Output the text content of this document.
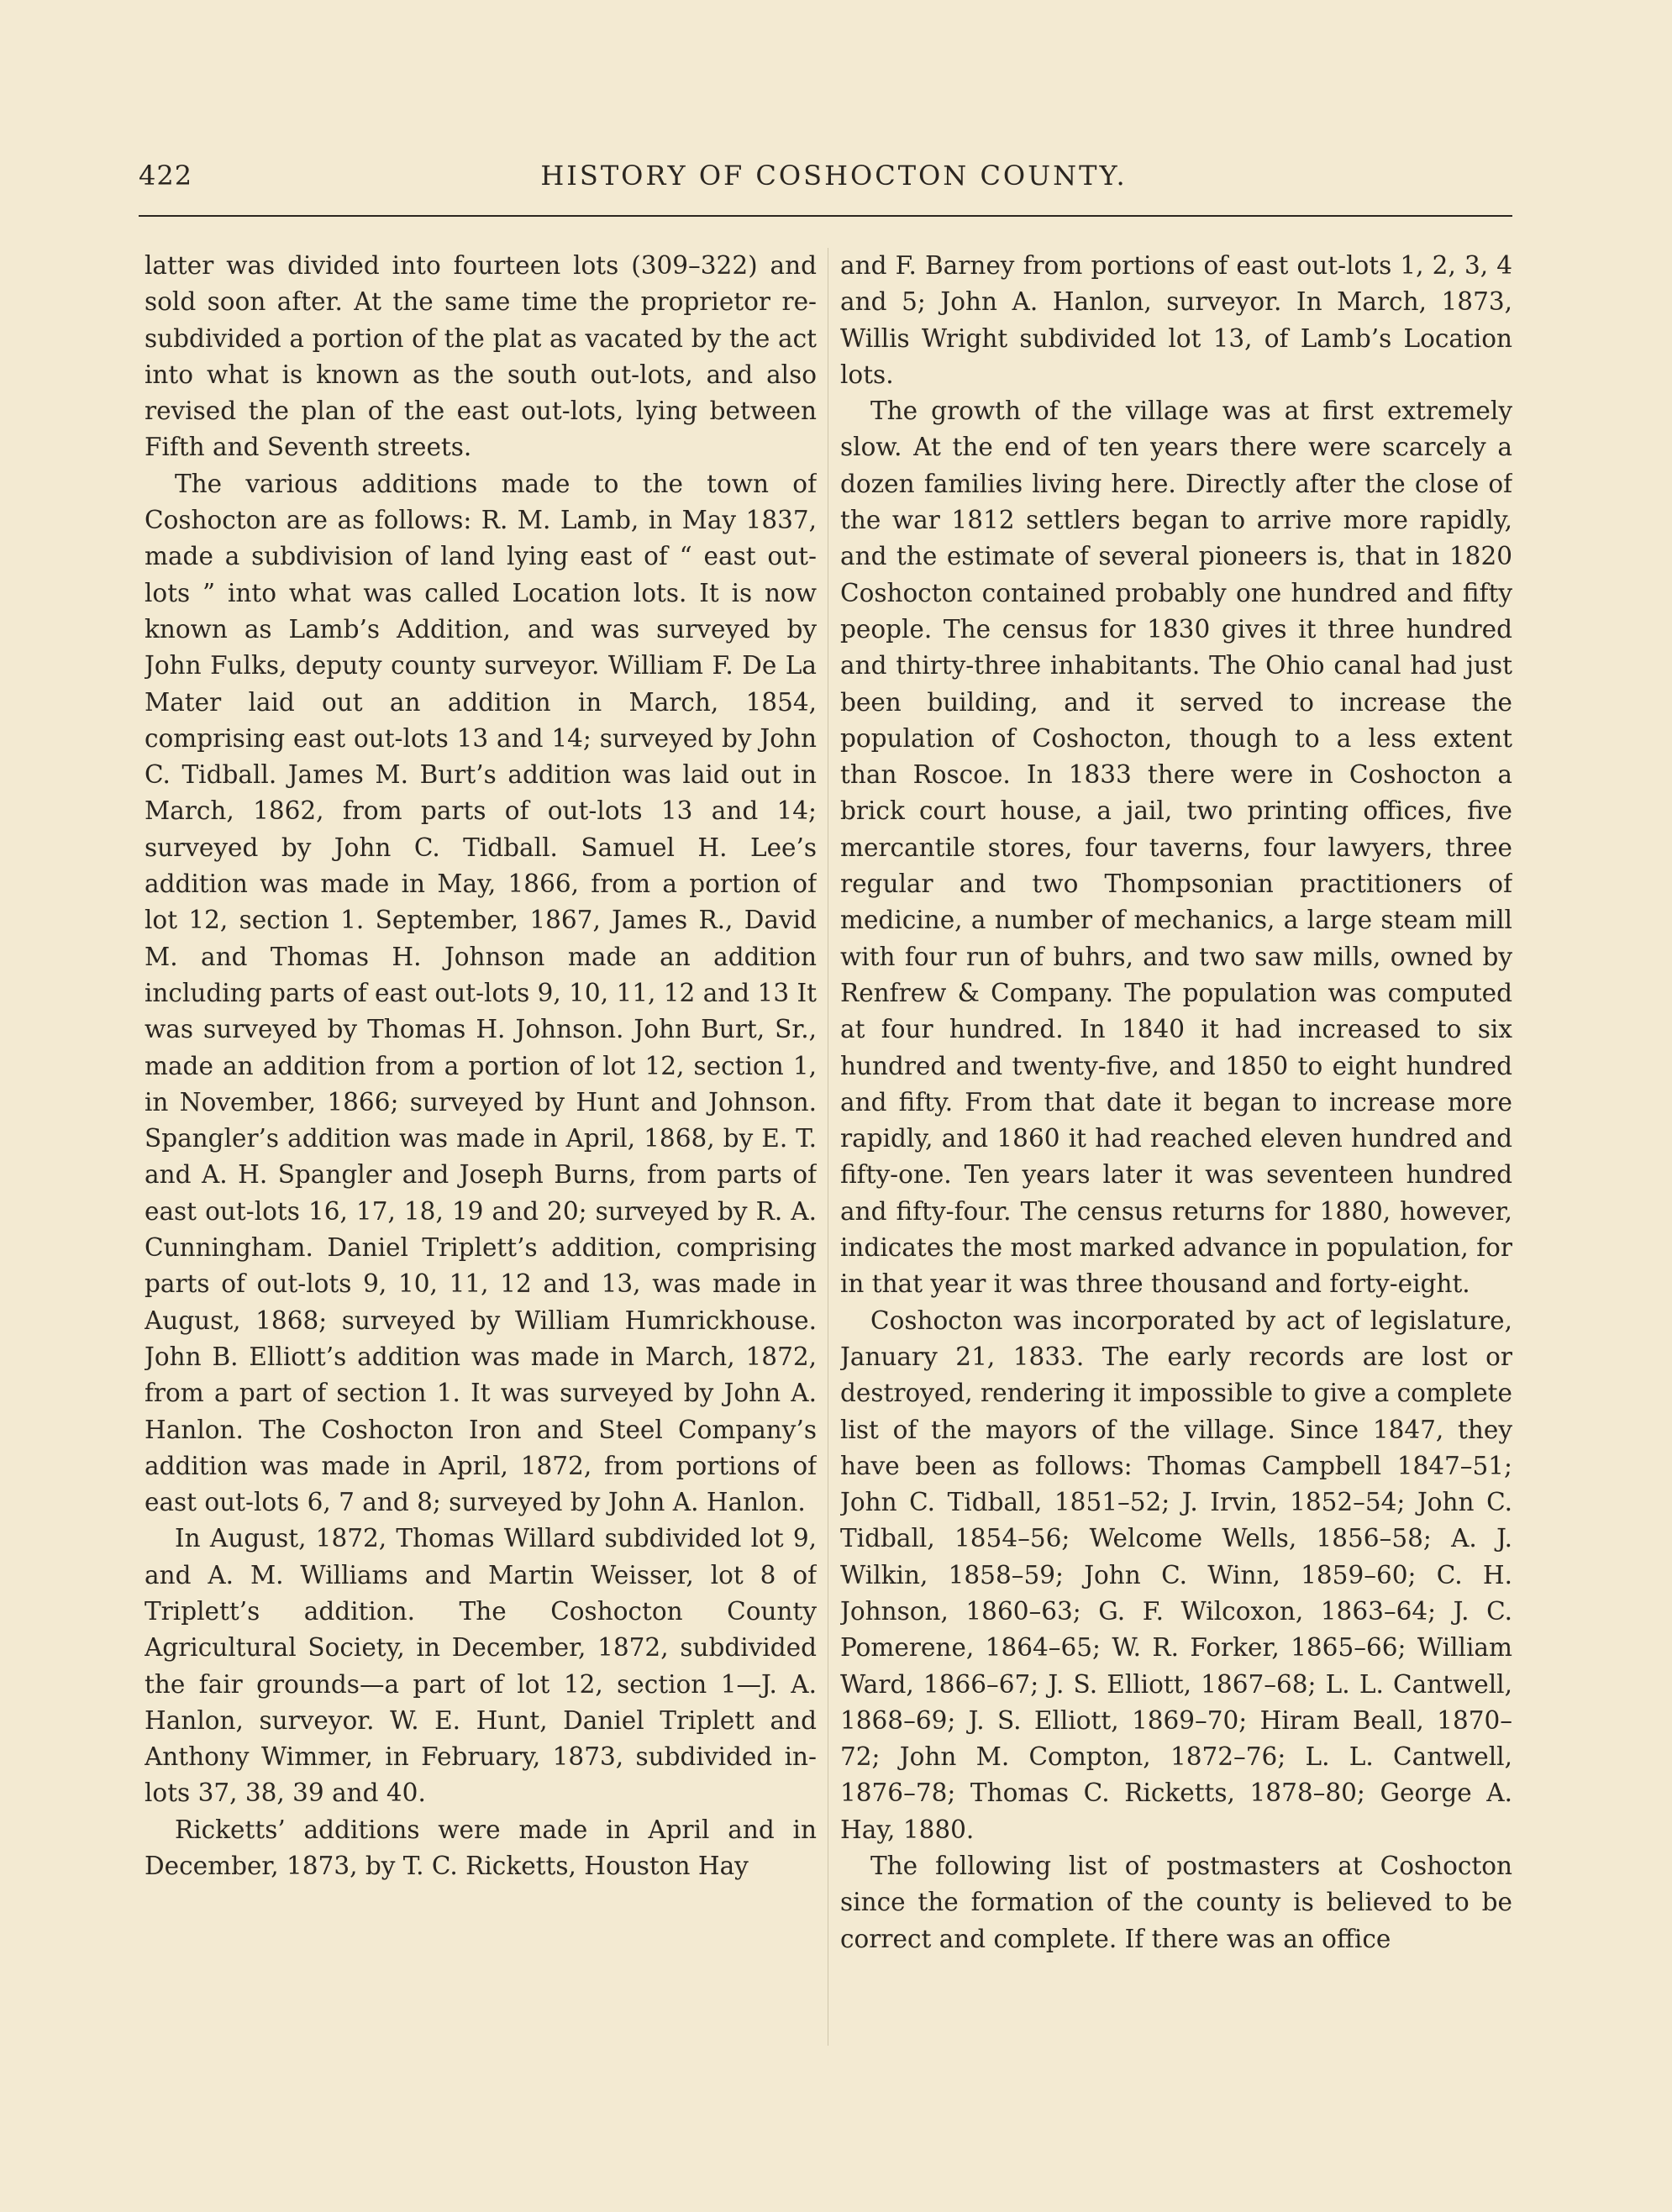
422	HISTORY OF COSHOCTON COUNTY.

latter was divided into fourteen lots (309–322) and sold soon after. At the same time the proprietor re-subdivided a portion of the plat as vacated by the act into what is known as the south out-lots, and also revised the plan of the east out-lots, lying between Fifth and Seventh streets.

The various additions made to the town of Coshocton are as follows: R. M. Lamb, in May 1837, made a subdivision of land lying east of “ east out-lots ” into what was called Location lots. It is now known as Lamb’s Addition, and was surveyed by John Fulks, deputy county surveyor. William F. De La Mater laid out an addition in March, 1854, comprising east out-lots 13 and 14; surveyed by John C. Tidball. James M. Burt’s addition was laid out in March, 1862, from parts of out-lots 13 and 14; surveyed by John C. Tidball. Samuel H. Lee’s addition was made in May, 1866, from a portion of lot 12, section 1. September, 1867, James R., David M. and Thomas H. Johnson made an addition including parts of east out-lots 9, 10, 11, 12 and 13 It was surveyed by Thomas H. Johnson. John Burt, Sr., made an addition from a portion of lot 12, section 1, in November, 1866; surveyed by Hunt and Johnson. Spangler’s addition was made in April, 1868, by E. T. and A. H. Spangler and Joseph Burns, from parts of east out-lots 16, 17, 18, 19 and 20; surveyed by R. A. Cunningham. Daniel Triplett’s addition, comprising parts of out-lots 9, 10, 11, 12 and 13, was made in August, 1868; surveyed by William Humrickhouse. John B. Elliott’s addition was made in March, 1872, from a part of section 1. It was surveyed by John A. Hanlon. The Coshocton Iron and Steel Company’s addition was made in April, 1872, from portions of east out-lots 6, 7 and 8; surveyed by John A. Hanlon.

In August, 1872, Thomas Willard subdivided lot 9, and A. M. Williams and Martin Weisser, lot 8 of Triplett’s addition. The Coshocton County Agricultural Society, in December, 1872, subdivided the fair grounds—a part of lot 12, section 1—J. A. Hanlon, surveyor. W. E. Hunt, Daniel Triplett and Anthony Wimmer, in February, 1873, subdivided in-lots 37, 38, 39 and 40.

Ricketts’ additions were made in April and in December, 1873, by T. C. Ricketts, Houston Hay

and F. Barney from portions of east out-lots 1, 2, 3, 4 and 5; John A. Hanlon, surveyor. In March, 1873, Willis Wright subdivided lot 13, of Lamb’s Location lots.

The growth of the village was at first extremely slow. At the end of ten years there were scarcely a dozen families living here. Directly after the close of the war 1812 settlers began to arrive more rapidly, and the estimate of several pioneers is, that in 1820 Coshocton contained probably one hundred and fifty people. The census for 1830 gives it three hundred and thirty-three inhabitants. The Ohio canal had just been building, and it served to increase the population of Coshocton, though to a less extent than Roscoe. In 1833 there were in Coshocton a brick court house, a jail, two printing offices, five mercantile stores, four taverns, four lawyers, three regular and two Thompsonian practitioners of medicine, a number of mechanics, a large steam mill with four run of buhrs, and two saw mills, owned by Renfrew & Company. The population was computed at four hundred. In 1840 it had increased to six hundred and twenty-five, and 1850 to eight hundred and fifty. From that date it began to increase more rapidly, and 1860 it had reached eleven hundred and fifty-one. Ten years later it was seventeen hundred and fifty-four. The census returns for 1880, however, indicates the most marked advance in population, for in that year it was three thousand and forty-eight.

Coshocton was incorporated by act of legislature, January 21, 1833. The early records are lost or destroyed, rendering it impossible to give a complete list of the mayors of the village. Since 1847, they have been as follows: Thomas Campbell 1847–51; John C. Tidball, 1851–52; J. Irvin, 1852–54; John C. Tidball, 1854–56; Welcome Wells, 1856–58; A. J. Wilkin, 1858–59; John C. Winn, 1859–60; C. H. Johnson, 1860–63; G. F. Wilcoxon, 1863–64; J. C. Pomerene, 1864–65; W. R. Forker, 1865–66; William Ward, 1866–67; J. S. Elliott, 1867–68; L. L. Cantwell, 1868–69; J. S. Elliott, 1869–70; Hiram Beall, 1870–72; John M. Compton, 1872–76; L. L. Cantwell, 1876–78; Thomas C. Ricketts, 1878–80; George A. Hay, 1880.

The following list of postmasters at Coshocton since the formation of the county is believed to be correct and complete. If there was an office
